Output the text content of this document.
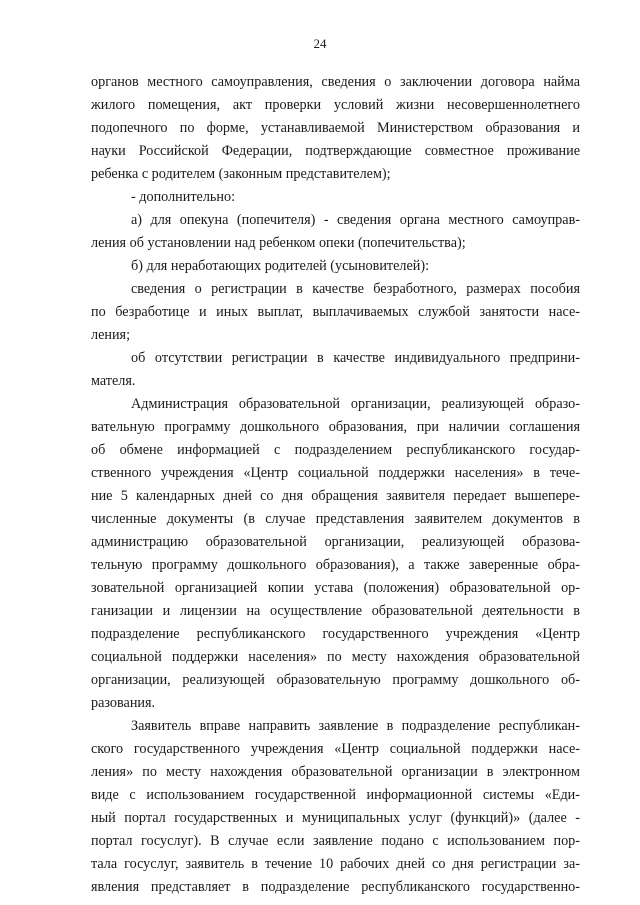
24
органов местного самоуправления, сведения о заключении договора найма
жилого помещения, акт проверки условий жизни несовершеннолетнего
подопечного по форме, устанавливаемой Министерством образования и
науки Российской Федерации, подтверждающие совместное проживание
ребенка с родителем (законным представителем);
- дополнительно:
а) для опекуна (попечителя) - сведения органа местного самоуправ-
ления об установлении над ребенком опеки (попечительства);
б) для неработающих родителей (усыновителей):
сведения о регистрации в качестве безработного, размерах пособия
по безработице и иных выплат, выплачиваемых службой занятости насе-
ления;
об отсутствии регистрации в качестве индивидуального предприни-
мателя.
Администрация образовательной организации, реализующей образо-
вательную программу дошкольного образования, при наличии соглашения
об обмене информацией с подразделением республиканского государ-
ственного учреждения «Центр социальной поддержки населения» в тече-
ние 5 календарных дней со дня обращения заявителя передает вышепере-
численные документы (в случае представления заявителем документов в
администрацию образовательной организации, реализующей образова-
тельную программу дошкольного образования), а также заверенные обра-
зовательной организацией копии устава (положения) образовательной ор-
ганизации и лицензии на осуществление образовательной деятельности в
подразделение республиканского государственного учреждения «Центр
социальной поддержки населения» по месту нахождения образовательной
организации, реализующей образовательную программу дошкольного об-
разования.
Заявитель вправе направить заявление в подразделение республикан-
ского государственного учреждения «Центр социальной поддержки насе-
ления» по месту нахождения образовательной организации в электронном
виде с использованием государственной информационной системы «Еди-
ный портал государственных и муниципальных услуг (функций)» (далее -
портал госуслуг). В случае если заявление подано с использованием пор-
тала госуслуг, заявитель в течение 10 рабочих дней со дня регистрации за-
явления представляет в подразделение республиканского государственно-
